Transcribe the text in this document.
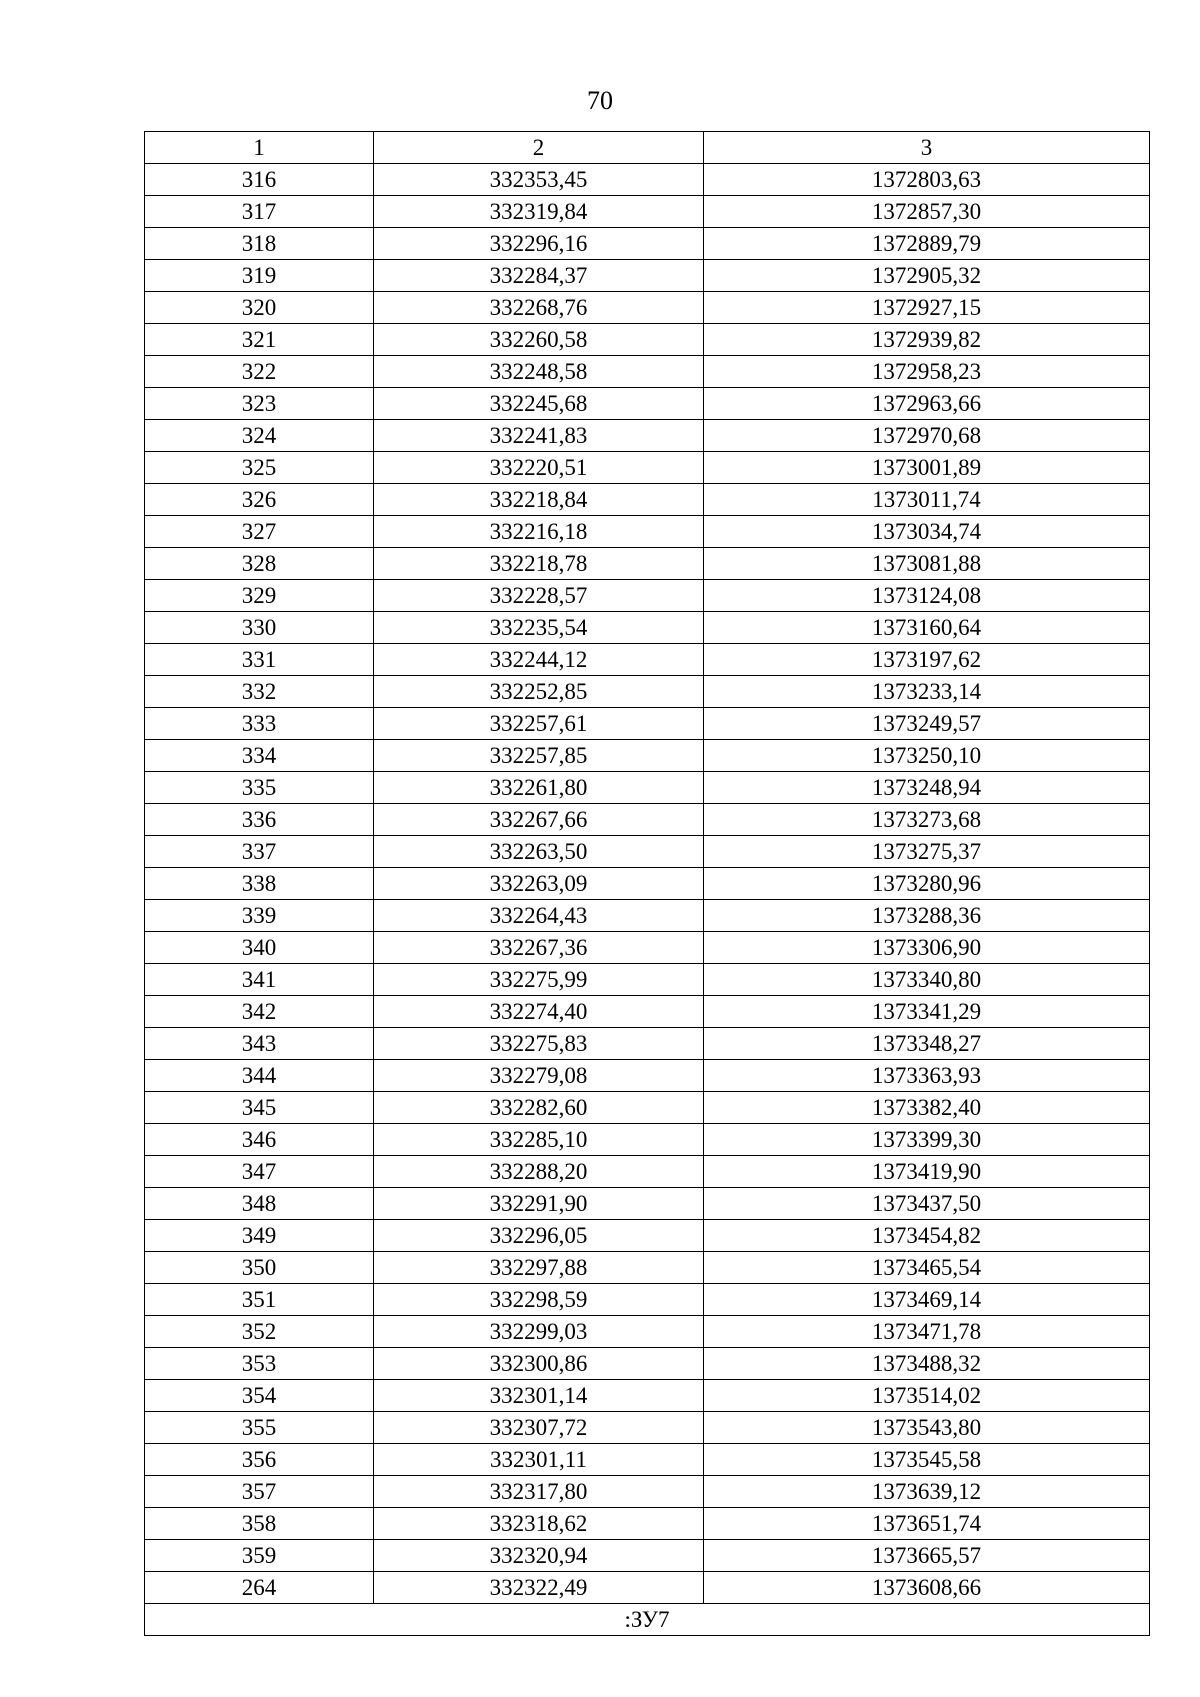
70
1	2	3
316	332353,45	1372803,63
317	332319,84	1372857,30
318	332296,16	1372889,79
319	332284,37	1372905,32
320	332268,76	1372927,15
321	332260,58	1372939,82
322	332248,58	1372958,23
323	332245,68	1372963,66
324	332241,83	1372970,68
325	332220,51	1373001,89
326	332218,84	1373011,74
327	332216,18	1373034,74
328	332218,78	1373081,88
329	332228,57	1373124,08
330	332235,54	1373160,64
331	332244,12	1373197,62
332	332252,85	1373233,14
333	332257,61	1373249,57
334	332257,85	1373250,10
335	332261,80	1373248,94
336	332267,66	1373273,68
337	332263,50	1373275,37
338	332263,09	1373280,96
339	332264,43	1373288,36
340	332267,36	1373306,90
341	332275,99	1373340,80
342	332274,40	1373341,29
343	332275,83	1373348,27
344	332279,08	1373363,93
345	332282,60	1373382,40
346	332285,10	1373399,30
347	332288,20	1373419,90
348	332291,90	1373437,50
349	332296,05	1373454,82
350	332297,88	1373465,54
351	332298,59	1373469,14
352	332299,03	1373471,78
353	332300,86	1373488,32
354	332301,14	1373514,02
355	332307,72	1373543,80
356	332301,11	1373545,58
357	332317,80	1373639,12
358	332318,62	1373651,74
359	332320,94	1373665,57
264	332322,49	1373608,66
:ЗУ7		
